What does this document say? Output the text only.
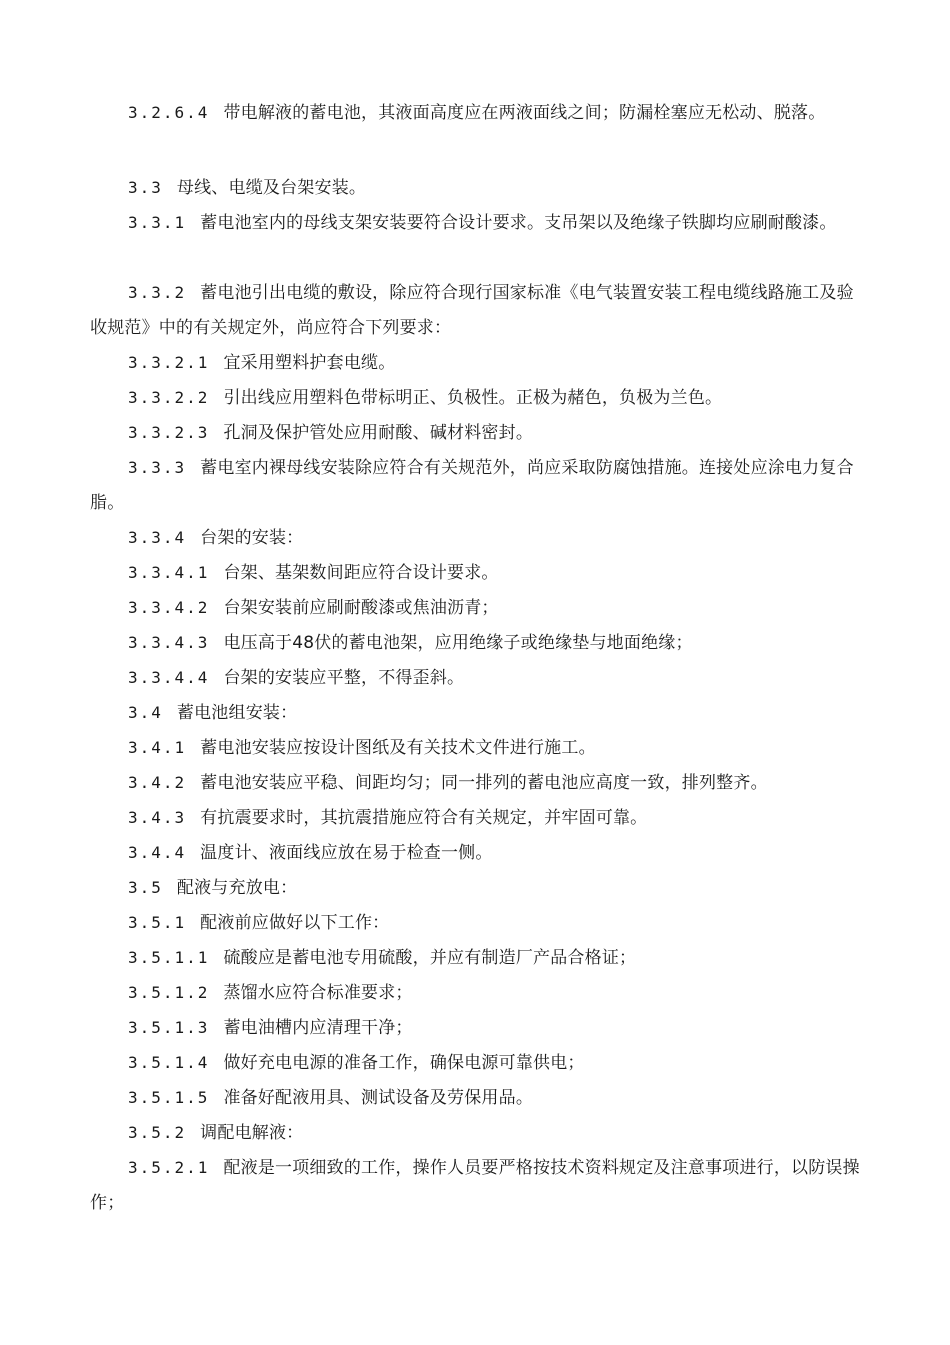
3.2.6.4 带电解液的蓄电池，其液面高度应在两液面线之间；防漏栓塞应无松动、脱落。

3.3 母线、电缆及台架安装。

3.3.1 蓄电池室内的母线支架安装要符合设计要求。支吊架以及绝缘子铁脚均应刷耐酸漆。

3.3.2 蓄电池引出电缆的敷设，除应符合现行国家标准《电气装置安装工程电缆线路施工及验收规范》中的有关规定外，尚应符合下列要求：

3.3.2.1 宜采用塑料护套电缆。

3.3.2.2 引出线应用塑料色带标明正、负极性。正极为赭色，负极为兰色。

3.3.2.3 孔洞及保护管处应用耐酸、碱材料密封。

3.3.3 蓄电室内裸母线安装除应符合有关规范外，尚应采取防腐蚀措施。连接处应涂电力复合脂。

3.3.4 台架的安装：

3.3.4.1 台架、基架数间距应符合设计要求。

3.3.4.2 台架安装前应刷耐酸漆或焦油沥青；

3.3.4.3 电压高于48伏的蓄电池架，应用绝缘子或绝缘垫与地面绝缘；

3.3.4.4 台架的安装应平整，不得歪斜。

3.4 蓄电池组安装：

3.4.1 蓄电池安装应按设计图纸及有关技术文件进行施工。

3.4.2 蓄电池安装应平稳、间距均匀；同一排列的蓄电池应高度一致，排列整齐。

3.4.3 有抗震要求时，其抗震措施应符合有关规定，并牢固可靠。

3.4.4 温度计、液面线应放在易于检查一侧。

3.5 配液与充放电：

3.5.1 配液前应做好以下工作：

3.5.1.1 硫酸应是蓄电池专用硫酸，并应有制造厂产品合格证；

3.5.1.2 蒸馏水应符合标准要求；

3.5.1.3 蓄电油槽内应清理干净；

3.5.1.4 做好充电电源的准备工作，确保电源可靠供电；

3.5.1.5 准备好配液用具、测试设备及劳保用品。

3.5.2 调配电解液：

3.5.2.1 配液是一项细致的工作，操作人员要严格按技术资料规定及注意事项进行，以防误操作；
